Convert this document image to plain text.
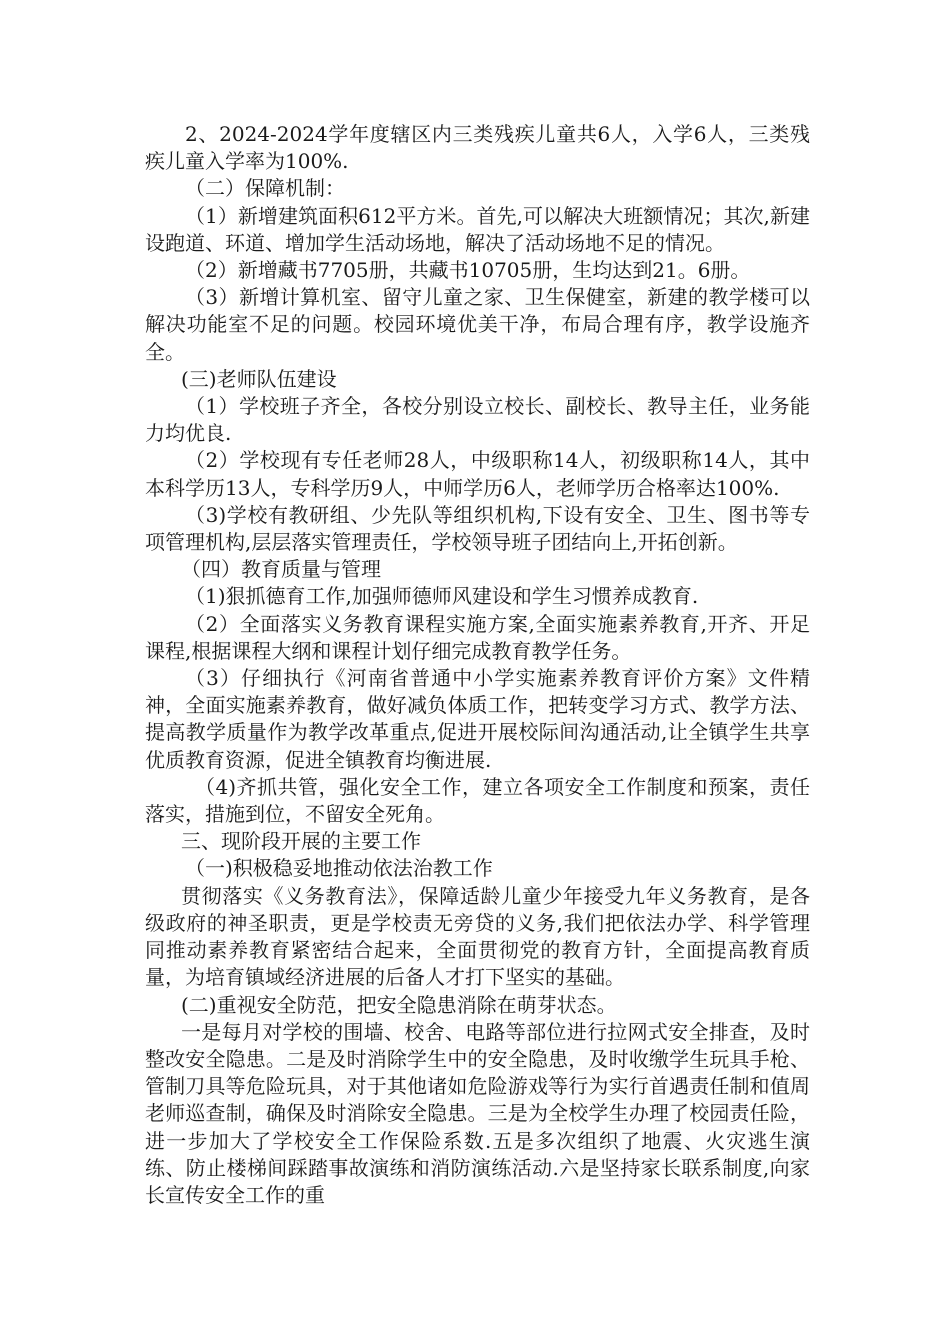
2、2024-2024学年度辖区内三类残疾儿童共6人，入学6人，三类残疾儿童入学率为100%.

（二）保障机制：

（1）新增建筑面积612平方米。首先,可以解决大班额情况；其次,新建设跑道、环道、增加学生活动场地，解决了活动场地不足的情况。

（2）新增藏书7705册，共藏书10705册，生均达到21。6册。

（3）新增计算机室、留守儿童之家、卫生保健室，新建的教学楼可以解决功能室不足的问题。校园环境优美干净，布局合理有序，教学设施齐全。

(三)老师队伍建设

（1）学校班子齐全，各校分别设立校长、副校长、教导主任，业务能力均优良.

（2）学校现有专任老师28人，中级职称14人，初级职称14人，其中本科学历13人，专科学历9人，中师学历6人，老师学历合格率达100%.

（3)学校有教研组、少先队等组织机构,下设有安全、卫生、图书等专项管理机构,层层落实管理责任，学校领导班子团结向上,开拓创新。

（四）教育质量与管理

（1)狠抓德育工作,加强师德师风建设和学生习惯养成教育.

（2）全面落实义务教育课程实施方案,全面实施素养教育,开齐、开足课程,根据课程大纲和课程计划仔细完成教育教学任务。

（3）仔细执行《河南省普通中小学实施素养教育评价方案》文件精神，全面实施素养教育，做好减负体质工作，把转变学习方式、教学方法、提高教学质量作为教学改革重点,促进开展校际间沟通活动,让全镇学生共享优质教育资源，促进全镇教育均衡进展.

（4)齐抓共管，强化安全工作，建立各项安全工作制度和预案，责任落实，措施到位，不留安全死角。

三、现阶段开展的主要工作

（一)积极稳妥地推动依法治教工作

贯彻落实《义务教育法》，保障适龄儿童少年接受九年义务教育，是各级政府的神圣职责，更是学校责无旁贷的义务,我们把依法办学、科学管理同推动素养教育紧密结合起来，全面贯彻党的教育方针，全面提高教育质量，为培育镇域经济进展的后备人才打下坚实的基础。

(二)重视安全防范，把安全隐患消除在萌芽状态。

一是每月对学校的围墙、校舍、电路等部位进行拉网式安全排查，及时整改安全隐患。二是及时消除学生中的安全隐患，及时收缴学生玩具手枪、管制刀具等危险玩具，对于其他诸如危险游戏等行为实行首遇责任制和值周老师巡查制，确保及时消除安全隐患。三是为全校学生办理了校园责任险，进一步加大了学校安全工作保险系数.五是多次组织了地震、火灾逃生演练、防止楼梯间踩踏事故演练和消防演练活动.六是坚持家长联系制度,向家长宣传安全工作的重
